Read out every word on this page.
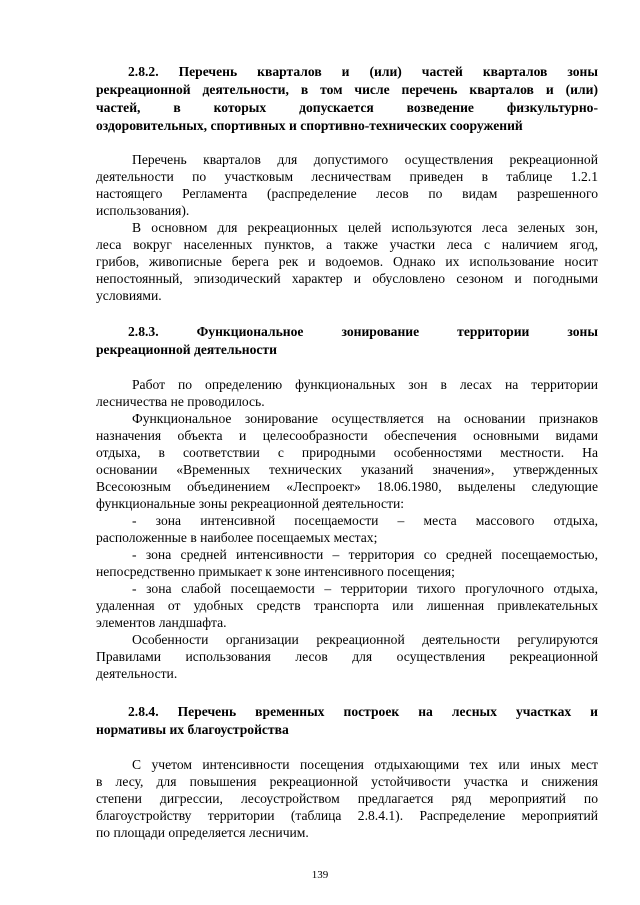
2.8.2. Перечень кварталов и (или) частей кварталов зоны
рекреационной деятельности, в том числе перечень кварталов и (или)
частей, в которых допускается возведение физкультурно-
оздоровительных, спортивных и спортивно-технических сооружений
Перечень кварталов для допустимого осуществления рекреационной
деятельности по участковым лесничествам приведен в таблице 1.2.1
настоящего Регламента (распределение лесов по видам разрешенного
использования).
В основном для рекреационных целей используются леса зеленых зон,
леса вокруг населенных пунктов, а также участки леса с наличием ягод,
грибов, живописные берега рек и водоемов. Однако их использование носит
непостоянный, эпизодический характер и обусловлено сезоном и погодными
условиями.
2.8.3. Функциональное зонирование территории зоны
рекреационной деятельности
Работ по определению функциональных зон в лесах на территории
лесничества не проводилось.
Функциональное зонирование осуществляется на основании признаков
назначения объекта и целесообразности обеспечения основными видами
отдыха, в соответствии с природными особенностями местности. На
основании «Временных технических указаний значения», утвержденных
Всесоюзным объединением «Леспроект» 18.06.1980, выделены следующие
функциональные зоны рекреационной деятельности:
- зона интенсивной посещаемости – места массового отдыха,
расположенные в наиболее посещаемых местах;
- зона средней интенсивности – территория со средней посещаемостью,
непосредственно примыкает к зоне интенсивного посещения;
- зона слабой посещаемости – территории тихого прогулочного отдыха,
удаленная от удобных средств транспорта или лишенная привлекательных
элементов ландшафта.
Особенности организации рекреационной деятельности регулируются
Правилами использования лесов для осуществления рекреационной
деятельности.
2.8.4. Перечень временных построек на лесных участках и
нормативы их благоустройства
С учетом интенсивности посещения отдыхающими тех или иных мест
в лесу, для повышения рекреационной устойчивости участка и снижения
степени дигрессии, лесоустройством предлагается ряд мероприятий по
благоустройству территории (таблица 2.8.4.1). Распределение мероприятий
по площади определяется лесничим.
139
